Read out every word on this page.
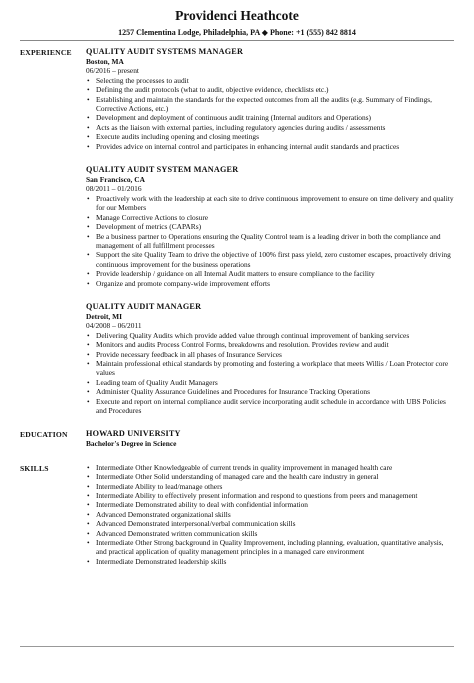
Providenci Heathcote
1257 Clementina Lodge, Philadelphia, PA ◆ Phone: +1 (555) 842 8814
EXPERIENCE	QUALITY AUDIT SYSTEMS MANAGER
Boston, MA
06/2016 – present
• Selecting the processes to audit
• Defining the audit protocols (what to audit, objective evidence, checklists etc.)
• Establishing and maintain the standards for the expected outcomes from all the audits (e.g. Summary of Findings, Corrective Actions, etc.)
• Development and deployment of continuous audit training (Internal auditors and Operations)
• Acts as the liaison with external parties, including regulatory agencies during audits / assessments
• Execute audits including opening and closing meetings
• Provides advice on internal control and participates in enhancing internal audit standards and practices
QUALITY AUDIT SYSTEM MANAGER
San Francisco, CA
08/2011 – 01/2016
• Proactively work with the leadership at each site to drive continuous improvement to ensure on time delivery and quality for our Members
• Manage Corrective Actions to closure
• Development of metrics (CAPARs)
• Be a business partner to Operations ensuring the Quality Control team is a leading driver in both the compliance and management of all fulfillment processes
• Support the site Quality Team to drive the objective of 100% first pass yield, zero customer escapes, proactively driving continuous improvement for the business operations
• Provide leadership / guidance on all Internal Audit matters to ensure compliance to the facility
• Organize and promote company-wide improvement efforts
QUALITY AUDIT MANAGER
Detroit, MI
04/2008 – 06/2011
• Delivering Quality Audits which provide added value through continual improvement of banking services
• Monitors and audits Process Control Forms, breakdowns and resolution. Provides review and audit
• Provide necessary feedback in all phases of Insurance Services
• Maintain professional ethical standards by promoting and fostering a workplace that meets Willis / Loan Protector core values
• Leading team of Quality Audit Managers
• Administer Quality Assurance Guidelines and Procedures for Insurance Tracking Operations
• Execute and report on internal compliance audit service incorporating audit schedule in accordance with UBS Policies and Procedures
EDUCATION	HOWARD UNIVERSITY
Bachelor's Degree in Science
SKILLS
•	Intermediate Other Knowledgeable of current trends in quality improvement in managed health care
• Intermediate Other Solid understanding of managed care and the health care industry in general
• Intermediate Ability to lead/manage others
• Intermediate Ability to effectively present information and respond to questions from peers and management
• Intermediate Demonstrated ability to deal with confidential information
• Advanced Demonstrated organizational skills
• Advanced Demonstrated interpersonal/verbal communication skills
• Advanced Demonstrated written communication skills
• Intermediate Other Strong background in Quality Improvement, including planning, evaluation, quantitative analysis, and practical application of quality management principles in a managed care environment
• Intermediate Demonstrated leadership skills
